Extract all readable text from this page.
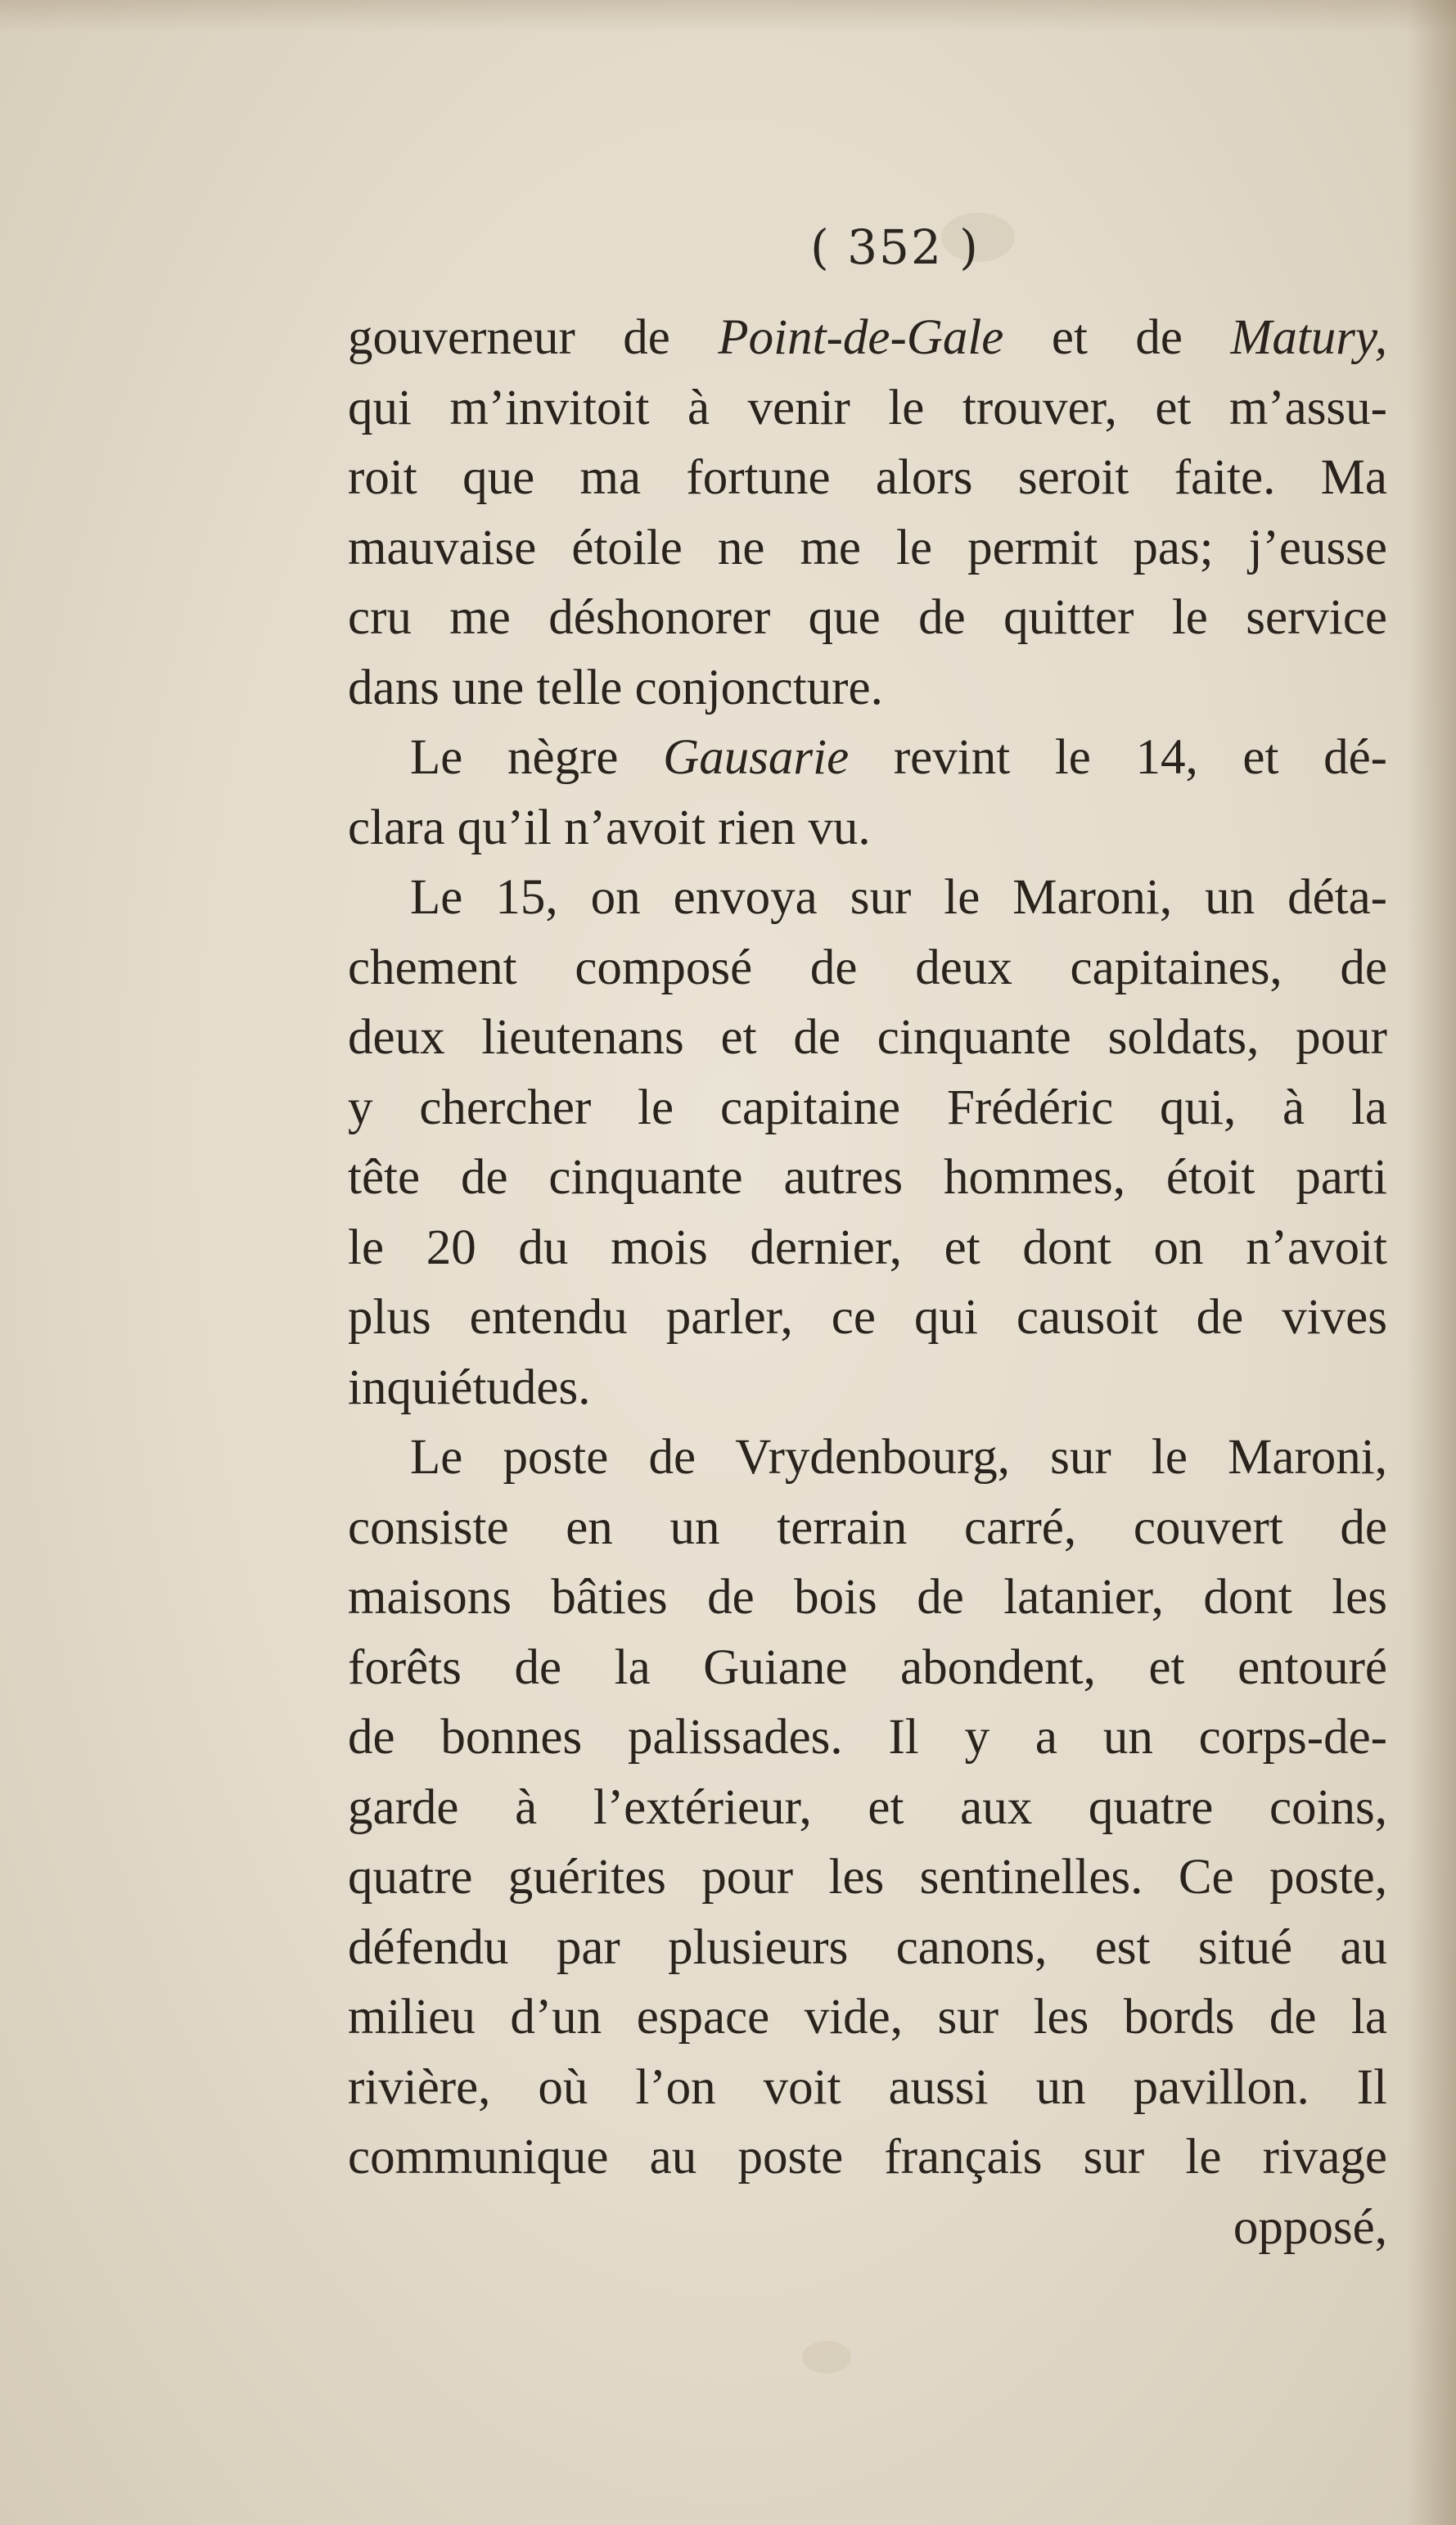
( 352 )
gouverneur de Point-de-Gale et de Matury,
qui m’invitoit à venir le trouver, et m’assu-
roit que ma fortune alors seroit faite. Ma
mauvaise étoile ne me le permit pas; j’eusse
cru me déshonorer que de quitter le service
dans une telle conjoncture.
Le nègre Gausarie revint le 14, et dé-
clara qu’il n’avoit rien vu.
Le 15, on envoya sur le Maroni, un déta-
chement composé de deux capitaines, de
deux lieutenans et de cinquante soldats, pour
y chercher le capitaine Frédéric qui, à la
tête de cinquante autres hommes, étoit parti
le 20 du mois dernier, et dont on n’avoit
plus entendu parler, ce qui causoit de vives
inquiétudes.
Le poste de Vrydenbourg, sur le Maroni,
consiste en un terrain carré, couvert de
maisons bâties de bois de latanier, dont les
forêts de la Guiane abondent, et entouré
de bonnes palissades. Il y a un corps-de-
garde à l’extérieur, et aux quatre coins,
quatre guérites pour les sentinelles. Ce poste,
défendu par plusieurs canons, est situé au
milieu d’un espace vide, sur les bords de la
rivière, où l’on voit aussi un pavillon. Il
communique au poste français sur le rivage
opposé,
